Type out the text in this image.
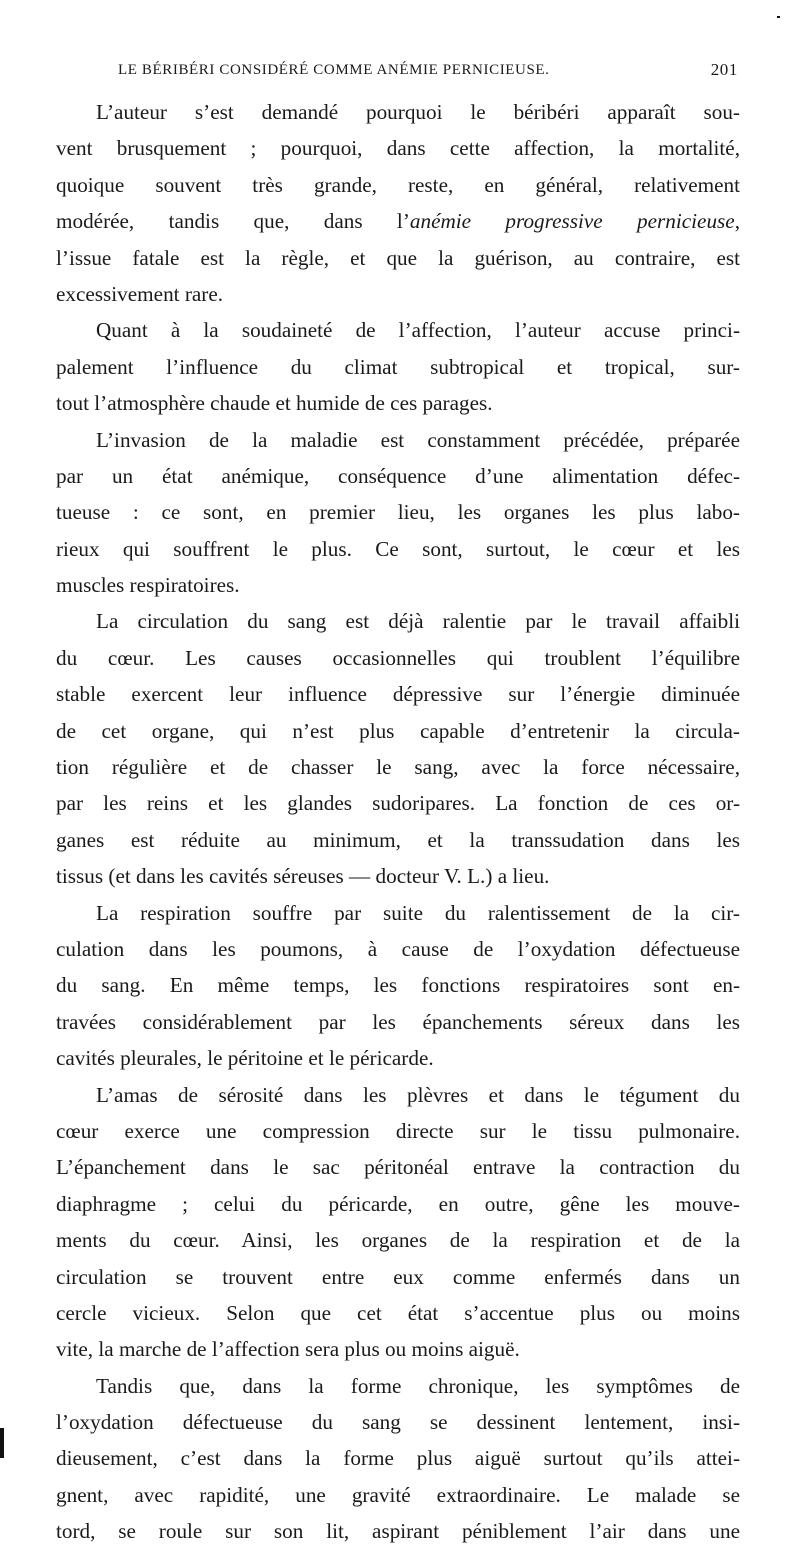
LE BÉRIBÉRI CONSIDÉRÉ COMME ANÉMIE PERNICIEUSE.	201
L’auteur s’est demandé pourquoi le béribéri apparaît sou-
vent brusquement ; pourquoi, dans cette affection, la mortalité,
quoique souvent très grande, reste, en général, relativement
modérée, tandis que, dans l’anémie progressive pernicieuse,
l’issue fatale est la règle, et que la guérison, au contraire, est
excessivement rare.
Quant à la soudaineté de l’affection, l’auteur accuse princi-
palement l’influence du climat subtropical et tropical, sur-
tout l’atmosphère chaude et humide de ces parages.
L’invasion de la maladie est constamment précédée, préparée
par un état anémique, conséquence d’une alimentation défec-
tueuse : ce sont, en premier lieu, les organes les plus labo-
rieux qui souffrent le plus. Ce sont, surtout, le cœur et les
muscles respiratoires.
La circulation du sang est déjà ralentie par le travail affaibli
du cœur. Les causes occasionnelles qui troublent l’équilibre
stable exercent leur influence dépressive sur l’énergie diminuée
de cet organe, qui n’est plus capable d’entretenir la circula-
tion régulière et de chasser le sang, avec la force nécessaire,
par les reins et les glandes sudoripares. La fonction de ces or-
ganes est réduite au minimum, et la transsudation dans les
tissus (et dans les cavités séreuses — docteur V. L.) a lieu.
La respiration souffre par suite du ralentissement de la cir-
culation dans les poumons, à cause de l’oxydation défectueuse
du sang. En même temps, les fonctions respiratoires sont en-
travées considérablement par les épanchements séreux dans les
cavités pleurales, le péritoine et le péricarde.
L’amas de sérosité dans les plèvres et dans le tégument du
cœur exerce une compression directe sur le tissu pulmonaire.
L’épanchement dans le sac péritonéal entrave la contraction du
diaphragme ; celui du péricarde, en outre, gêne les mouve-
ments du cœur. Ainsi, les organes de la respiration et de la
circulation se trouvent entre eux comme enfermés dans un
cercle vicieux. Selon que cet état s’accentue plus ou moins
vite, la marche de l’affection sera plus ou moins aiguë.
Tandis que, dans la forme chronique, les symptômes de
l’oxydation défectueuse du sang se dessinent lentement, insi-
dieusement, c’est dans la forme plus aiguë surtout qu’ils attei-
gnent, avec rapidité, une gravité extraordinaire. Le malade se
tord, se roule sur son lit, aspirant péniblement l’air dans une
